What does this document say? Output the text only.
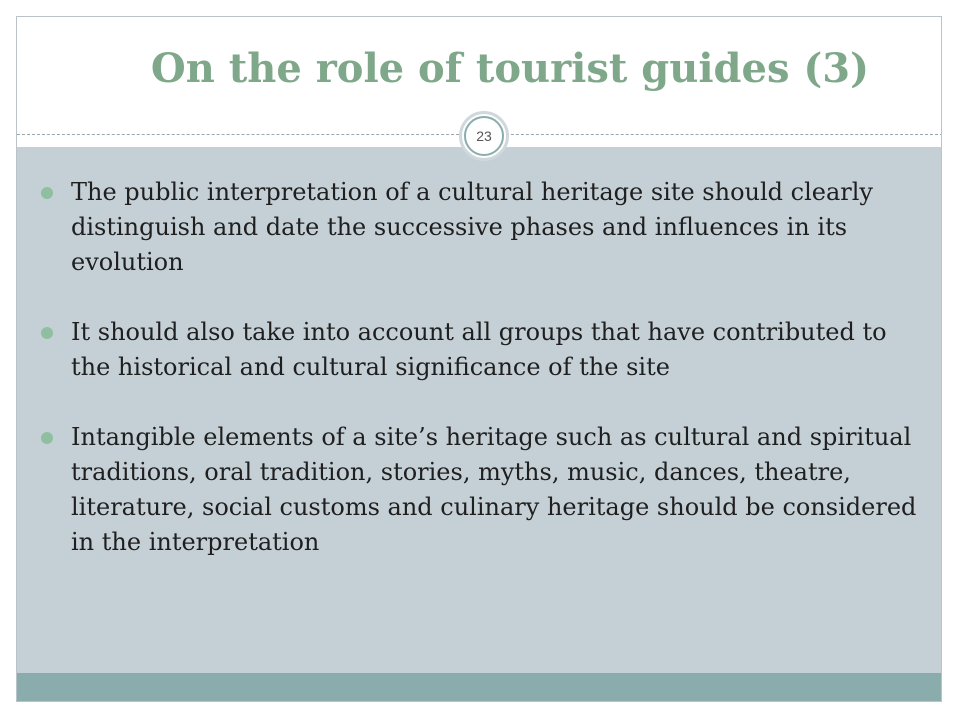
On the role of tourist guides (3)
23
The public interpretation of a cultural heritage site should clearly distinguish and date the successive phases and influences in its evolution
It should also take into account all groups that have contributed to the historical and cultural significance of the site
Intangible elements of a site’s heritage such as cultural and spiritual traditions, oral tradition, stories, myths, music, dances, theatre, literature, social customs and culinary heritage should be considered in the interpretation
